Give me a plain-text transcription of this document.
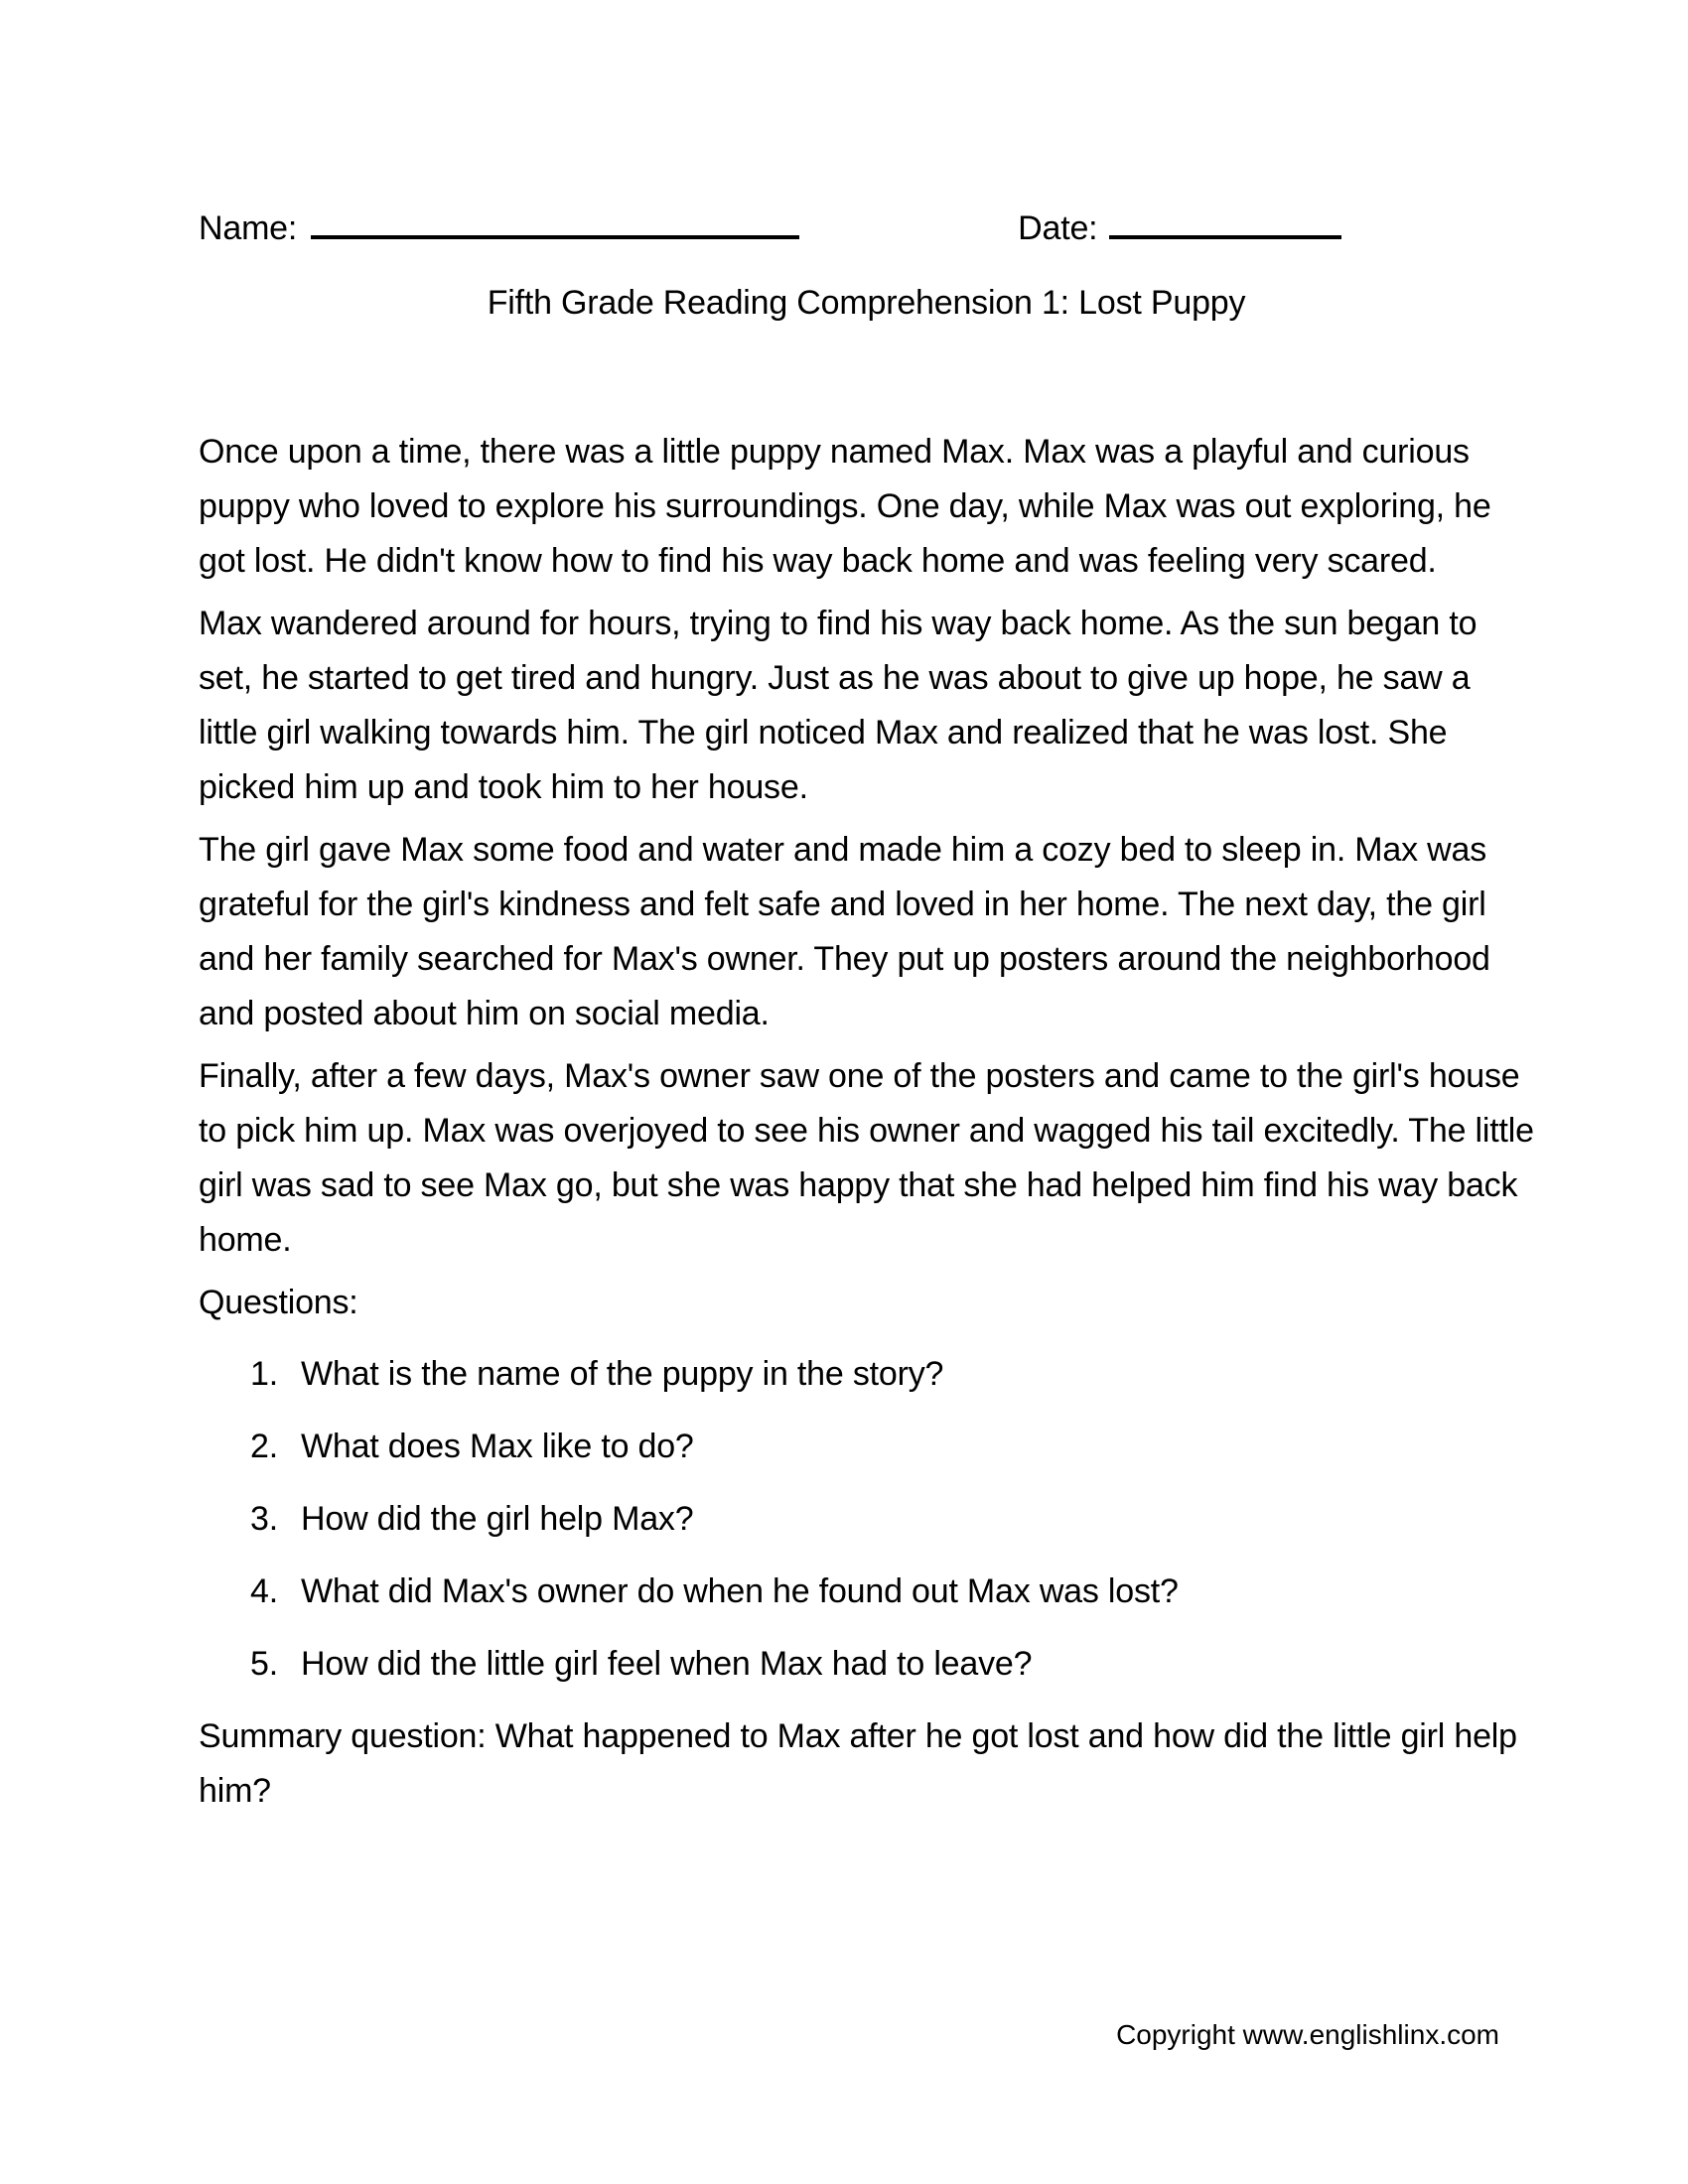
Name:	Date:
Fifth Grade Reading Comprehension 1: Lost Puppy

Once upon a time, there was a little puppy named Max. Max was a playful and curious puppy who loved to explore his surroundings. One day, while Max was out exploring, he got lost. He didn't know how to find his way back home and was feeling very scared.

Max wandered around for hours, trying to find his way back home. As the sun began to set, he started to get tired and hungry. Just as he was about to give up hope, he saw a little girl walking towards him. The girl noticed Max and realized that he was lost. She picked him up and took him to her house.

The girl gave Max some food and water and made him a cozy bed to sleep in. Max was grateful for the girl's kindness and felt safe and loved in her home. The next day, the girl and her family searched for Max's owner. They put up posters around the neighborhood and posted about him on social media.

Finally, after a few days, Max's owner saw one of the posters and came to the girl's house to pick him up. Max was overjoyed to see his owner and wagged his tail excitedly. The little girl was sad to see Max go, but she was happy that she had helped him find his way back home.

Questions:
What is the name of the puppy in the story?
What does Max like to do?
How did the girl help Max?
What did Max's owner do when he found out Max was lost?
How did the little girl feel when Max had to leave?

Summary question: What happened to Max after he got lost and how did the little girl help him?

Copyright www.englishlinx.com
